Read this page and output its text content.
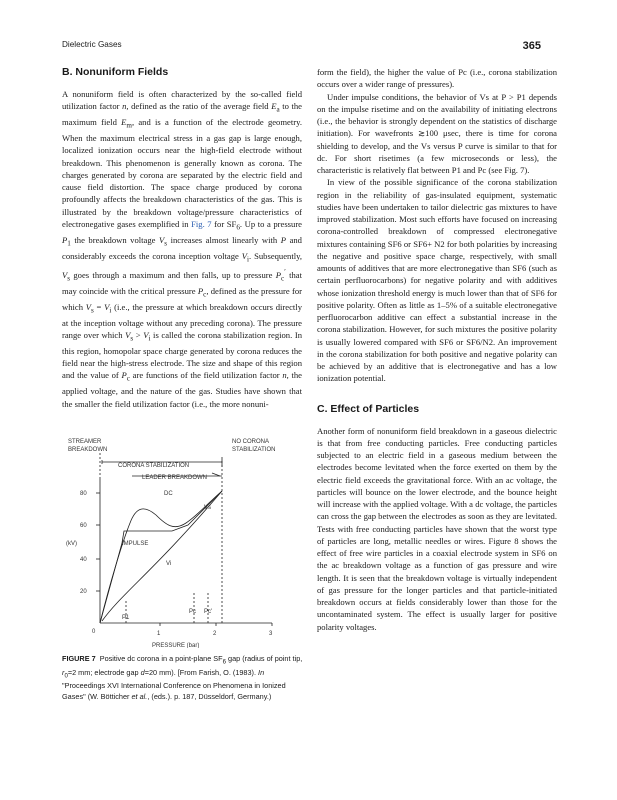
Dielectric Gases	365
B. Nonuniform Fields

A nonuniform field is often characterized by the so-called field utilization factor n, defined as the ratio of the average field $E_a$ to the maximum field $E_m$, and is a function of the electrode geometry. When the maximum electrical stress in a gas gap is large enough, localized ionization occurs near the high-field electrode without breakdown. This phenomenon is generally known as corona. The charges generated by corona are separated by the electric field and cause field distortion. The space charge produced by corona profoundly affects the breakdown characteristics of the gas. This is illustrated by the breakdown voltage/pressure characteristics of electronegative gases exemplified in Fig. 7 for $SF_6$. Up to a pressure $P_1$ the breakdown voltage $V_s$ increases almost linearly with P and considerably exceeds the corona inception voltage $V_i$. Subsequently, $V_s$ goes through a maximum and then falls, up to pressure $P_c'$ that may coincide with the critical pressure $P_c$, defined as the pressure for which $V_s = V_i$ (i.e., the pressure at which breakdown occurs directly at the inception voltage without any preceding corona). The pressure range over which $V_s > V_i$ is called the corona stabilization region. In this region, homopolar space charge generated by corona reduces the field near the high-stress electrode. The size and shape of this region and the value of $P_c$ are functions of the field utilization factor n, the applied voltage, and the nature of the gas. Studies have shown that the smaller the field utilization factor (i.e., the more nonuni-

STREAMER
BREAKDOWN
NO CORONA
STABILIZATION
CORONA STABILIZATION
LEADER BREAKDOWN
DC
Vs
IMPULSE
Vi
(kV)
PRESSURE (bar)
80
60
40
20
0	1	2	3
P1
Pc Pc'
FIGURE 7 Positive dc corona in a point-plane $SF_6$ gap (radius of point tip, $r_0=2$ mm; electrode gap d=20 mm). [From Farish, O. (1983). In "Proceedings XVI International Conference on Phenomena in Ionized Gases" (W. Bötticher et al., (eds.). p. 187, Düsseldorf, Germany.)

form the field), the higher the value of Pc (i.e., corona stabilization occurs over a wider range of pressures).

Under impulse conditions, the behavior of Vs at P > P1 depends on the impulse risetime and on the availability of initiating electrons (i.e., the behavior is strongly dependent on the statistics of discharge initiation). For wavefronts ≳100 μsec, there is time for corona shielding to develop, and the Vs versus P curve is similar to that for dc. For short risetimes (a few microseconds or less), the characteristic is relatively flat between P1 and Pc (see Fig. 7).

In view of the possible significance of the corona stabilization region in the reliability of gas-insulated equipment, systematic studies have been undertaken to tailor dielectric gas mixtures to have improved stabilization. Most such efforts have focused on increasing corona-controlled breakdown of compressed electronegative mixtures containing SF6 or SF6+ N2 for both polarities by increasing the negative and positive space charge, respectively, with small amounts of additives that are more electronegative than SF6 (such as certain perfluorocarbons) for negative polarity and with additives whose ionization threshold energy is much lower than that of SF6 for positive polarity. Often as little as 1–5% of a suitable electronegative perfluorocarbon additive can effect a substantial increase in the corona stabilization. However, for such mixtures the positive polarity is usually lowered compared with SF6 or SF6/N2. An improvement in the corona stabilization for both positive and negative polarity can be achieved by an additive that is electronegative and has a low ionization potential.

C. Effect of Particles

Another form of nonuniform field breakdown in a gaseous dielectric is that from free conducting particles. Free conducting particles subjected to an electric field in a gaseous medium between the electrodes become levitated when the force exerted on them by the electric field exceeds the gravitational force. With an ac voltage, the particles will bounce on the lower electrode, and the bounce height will increase with the applied voltage. With a dc voltage, the particles can cross the gap between the electrodes as soon as they are levitated. Tests with free conducting particles have shown that the worst type of particles are long, metallic needles or wires. Figure 8 shows the effect of free wire particles in a coaxial electrode system in SF6 on the ac breakdown voltage as a function of gas pressure and wire length. It is seen that the breakdown voltage is virtually independent of gas pressure for the longer particles and that particle-initiated breakdown occurs at fields considerably lower than those for the uncontaminated system. The effect is usually larger for positive polarity voltages.
